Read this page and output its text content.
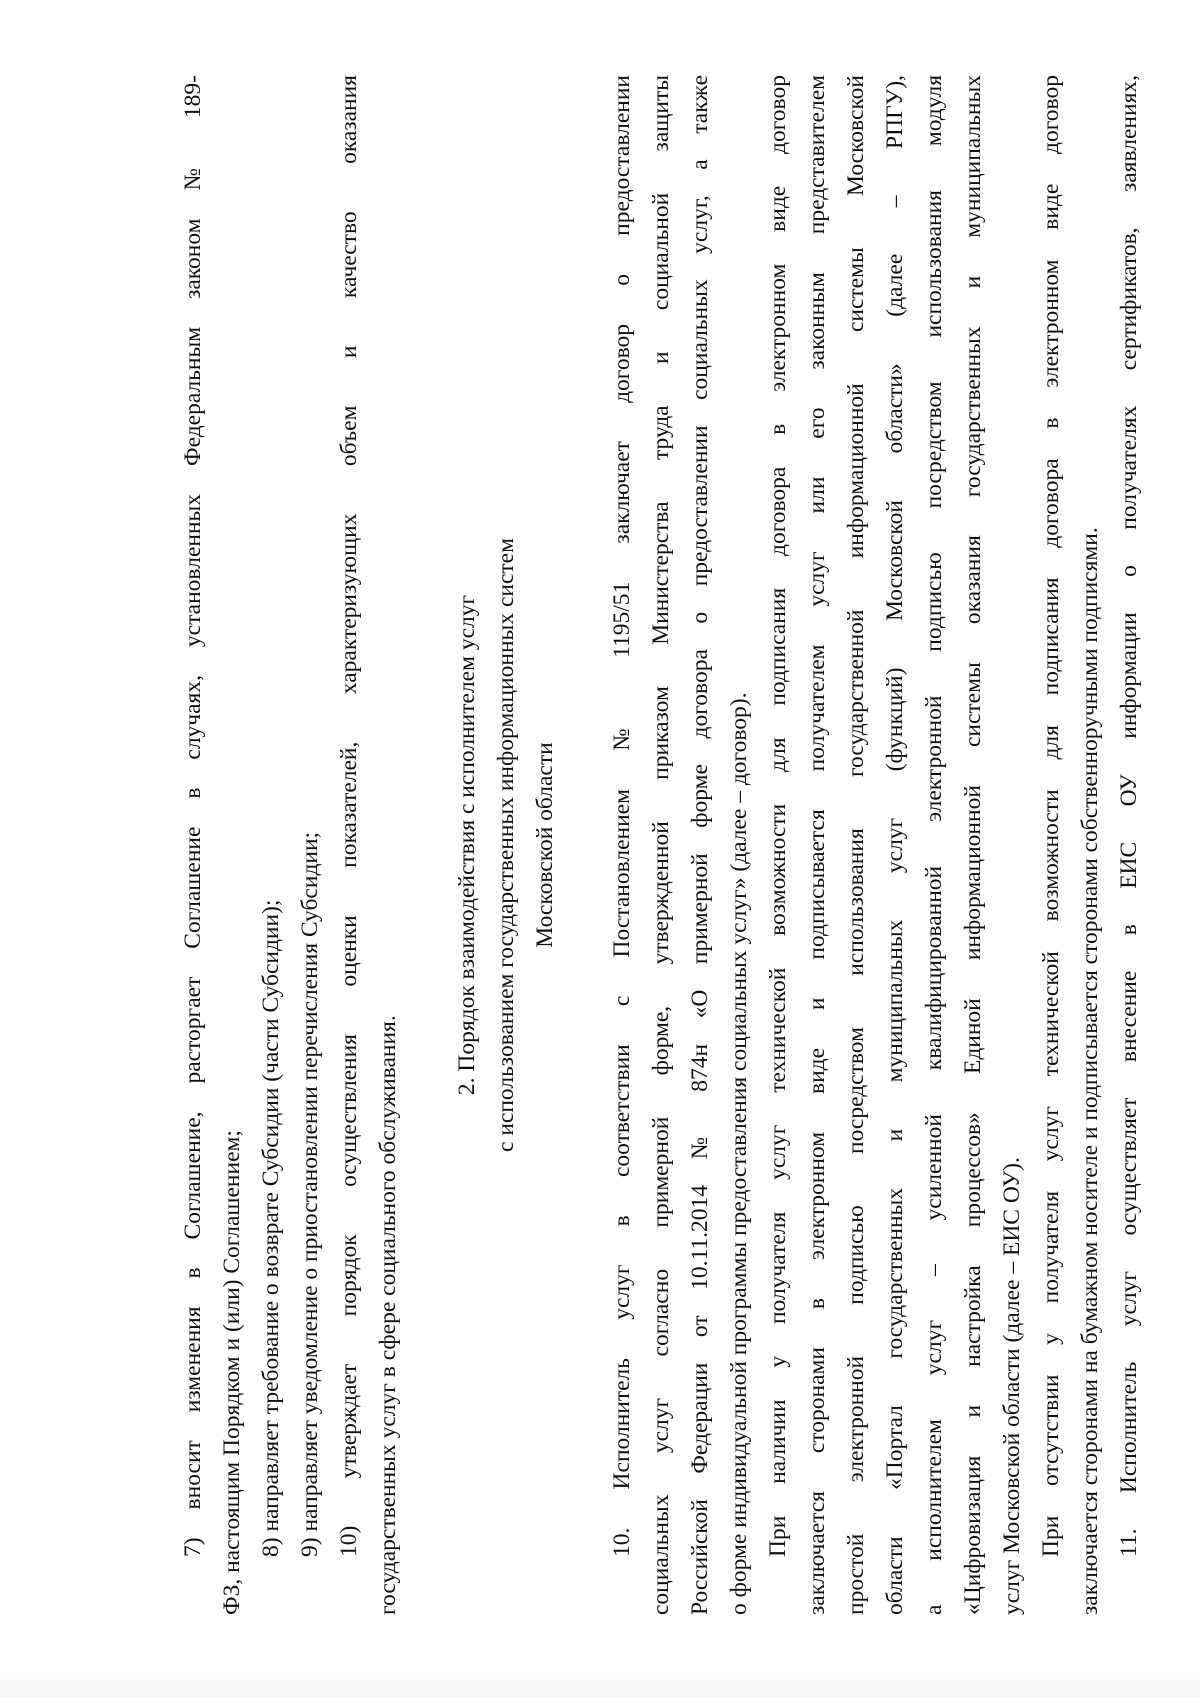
7) вносит изменения в Соглашение, расторгает Соглашение в случаях, установленных Федеральным законом № 189- ФЗ, настоящим Порядком и (или) Соглашением; 8) направляет требование о возврате Субсидии (части Субсидии); 9) направляет уведомление о приостановлении перечисления Субсидии; 10) утверждает порядок осуществления оценки показателей, характеризующих объем и качество оказания государственных услуг в сфере социального обслуживания.
2. Порядок взаимодействия с исполнителем услуг с использованием государственных информационных систем Московской области 10. Исполнитель услуг в соответствии с Постановлением № 1195/51 заключает договор о предоставлении социальных услуг согласно примерной форме, утвержденной приказом Министерства труда и социальной защиты Российской Федерации от 10.11.2014 № 874н «О примерной форме договора о предоставлении социальных услуг, а также о форме индивидуальной программы предоставления социальных услуг» (далее – договор). При наличии у получателя услуг технической возможности для подписания договора в электронном виде договор заключается сторонами в электронном виде и подписывается получателем услуг или его законным представителем простой электронной подписью посредством использования государственной информационной системы Московской области «Портал государственных и муниципальных услуг (функций) Московской области» (далее – РПГУ), а исполнителем услуг – усиленной квалифицированной электронной подписью посредством использования модуля «Цифровизация и настройка процессов» Единой информационной системы оказания государственных и муниципальных услуг Московской области (далее – ЕИС ОУ). При отсутствии у получателя услуг технической возможности для подписания договора в электронном виде договор заключается сторонами на бумажном носителе и подписывается сторонами собственноручными подписями. 11. Исполнитель услуг осуществляет внесение в ЕИС ОУ информации о получателях сертификатов, заявлениях,
